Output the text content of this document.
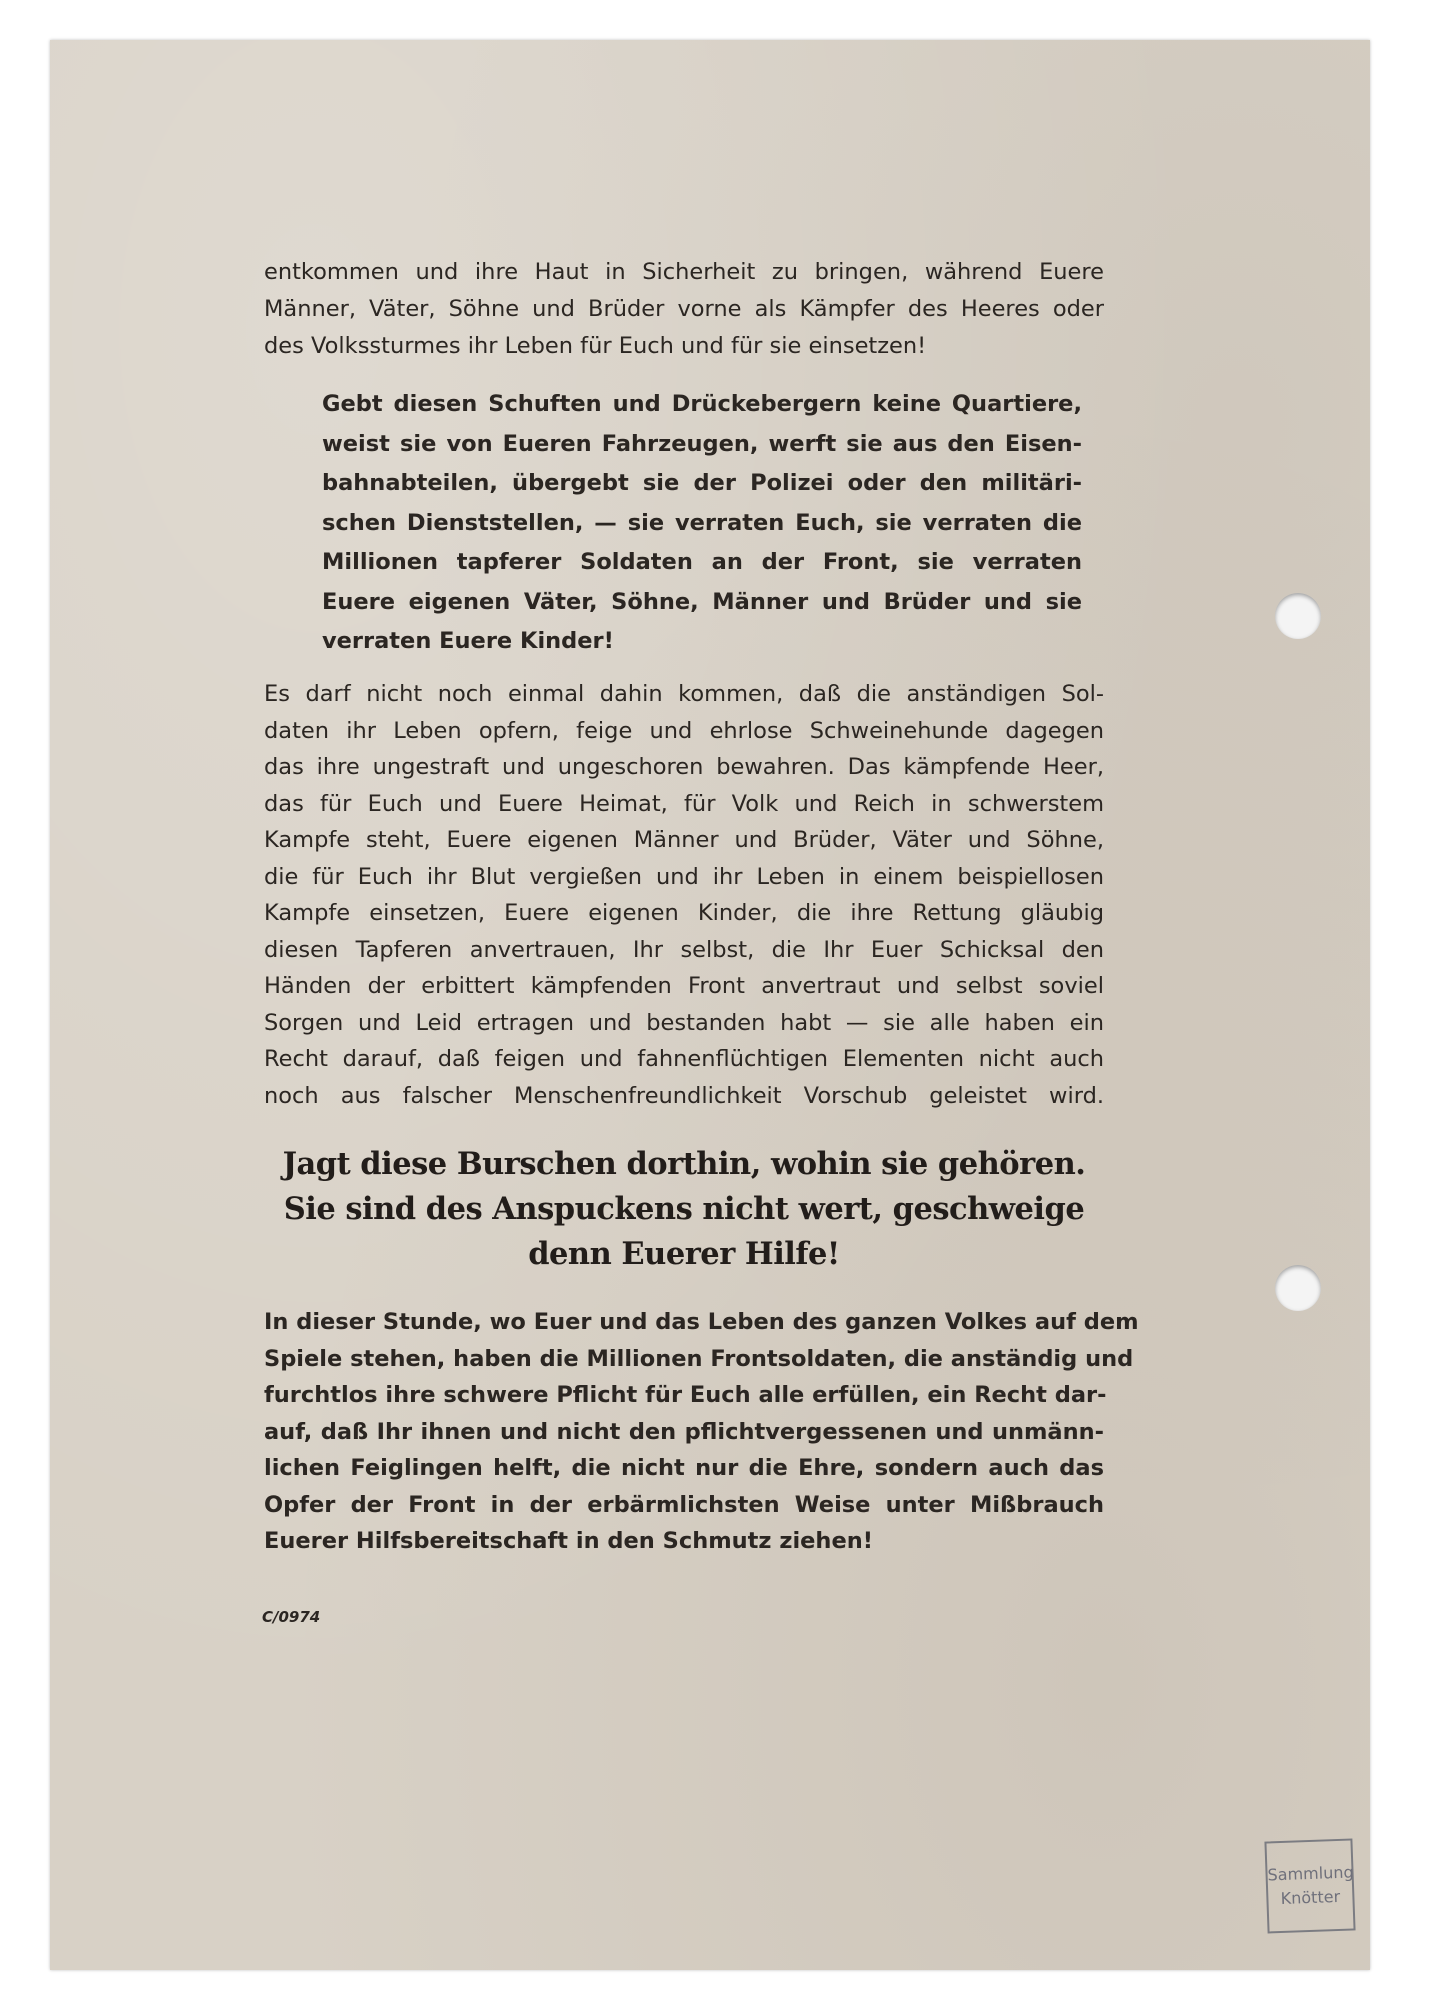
entkommen und ihre Haut in Sicherheit zu bringen, während Euere
Männer, Väter, Söhne und Brüder vorne als Kämpfer des Heeres oder
des Volkssturmes ihr Leben für Euch und für sie einsetzen!
Gebt diesen Schuften und Drückebergern keine Quartiere,
weist sie von Eueren Fahrzeugen, werft sie aus den Eisen-
bahnabteilen, übergebt sie der Polizei oder den militäri-
schen Dienststellen, — sie verraten Euch, sie verraten die
Millionen tapferer Soldaten an der Front, sie verraten
Euere eigenen Väter, Söhne, Männer und Brüder und sie
verraten Euere Kinder!
Es darf nicht noch einmal dahin kommen, daß die anständigen Sol-
daten ihr Leben opfern, feige und ehrlose Schweinehunde dagegen
das ihre ungestraft und ungeschoren bewahren. Das kämpfende Heer,
das für Euch und Euere Heimat, für Volk und Reich in schwerstem
Kampfe steht, Euere eigenen Männer und Brüder, Väter und Söhne,
die für Euch ihr Blut vergießen und ihr Leben in einem beispiellosen
Kampfe einsetzen, Euere eigenen Kinder, die ihre Rettung gläubig
diesen Tapferen anvertrauen, Ihr selbst, die Ihr Euer Schicksal den
Händen der erbittert kämpfenden Front anvertraut und selbst soviel
Sorgen und Leid ertragen und bestanden habt — sie alle haben ein
Recht darauf, daß feigen und fahnenflüchtigen Elementen nicht auch
noch aus falscher Menschenfreundlichkeit Vorschub geleistet wird.
Jagt diese Burschen dorthin, wohin sie gehören.
Sie sind des Anspuckens nicht wert, geschweige
denn Euerer Hilfe!
In dieser Stunde, wo Euer und das Leben des ganzen Volkes auf dem
Spiele stehen, haben die Millionen Frontsoldaten, die anständig und
furchtlos ihre schwere Pflicht für Euch alle erfüllen, ein Recht dar-
auf, daß Ihr ihnen und nicht den pflichtvergessenen und unmänn-
lichen Feiglingen helft, die nicht nur die Ehre, sondern auch das
Opfer der Front in der erbärmlichsten Weise unter Mißbrauch
Euerer Hilfsbereitschaft in den Schmutz ziehen!
C/0974
Sammlung
Knötter
